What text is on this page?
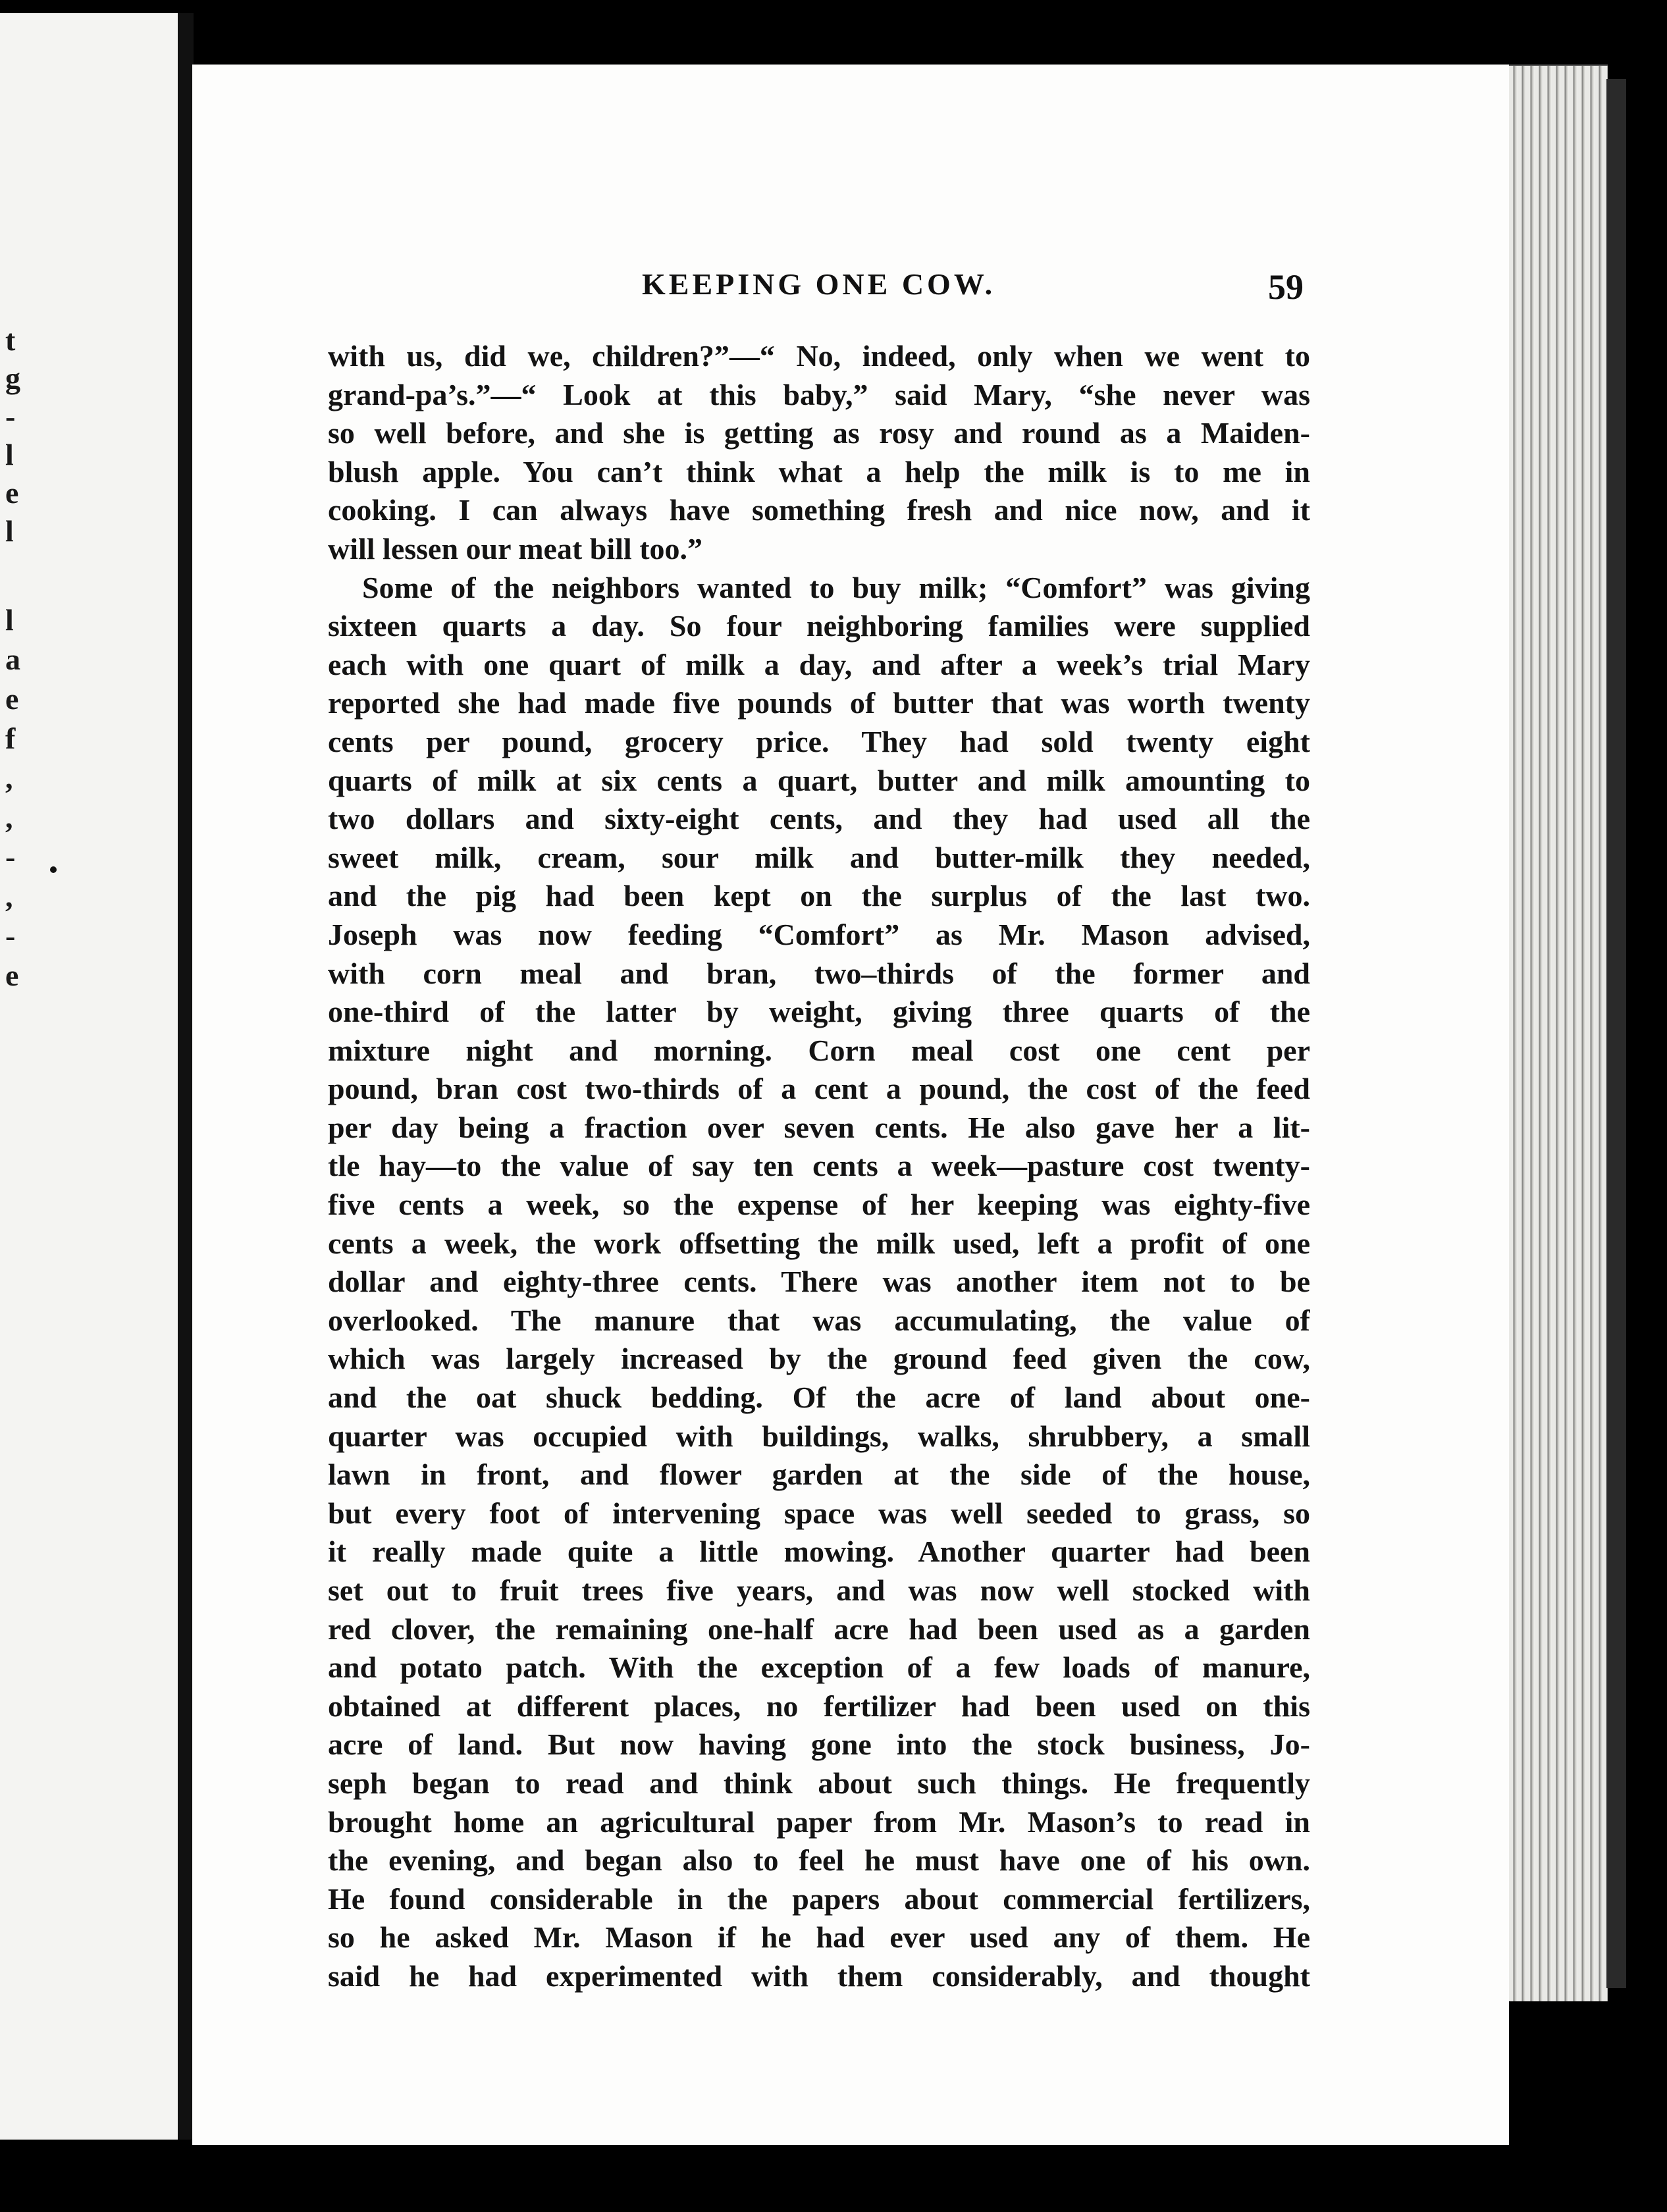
t
g
-
l
e
l
l
a
e
f
,
,
-
,
-
e
KEEPING ONE COW.	59
with us, did we, children?”—“ No, indeed, only when we went to
grand-pa’s.”—“ Look at this baby,” said Mary, “she never was
so well before, and she is getting as rosy and round as a Maiden-
blush apple. You can’t think what a help the milk is to me in
cooking. I can always have something fresh and nice now, and it
will lessen our meat bill too.”
Some of the neighbors wanted to buy milk; “Comfort” was giving
sixteen quarts a day. So four neighboring families were supplied
each with one quart of milk a day, and after a week’s trial Mary
reported she had made five pounds of butter that was worth twenty
cents per pound, grocery price. They had sold twenty eight
quarts of milk at six cents a quart, butter and milk amounting to
two dollars and sixty-eight cents, and they had used all the
sweet milk, cream, sour milk and butter-milk they needed,
and the pig had been kept on the surplus of the last two.
Joseph was now feeding “Comfort” as Mr. Mason advised,
with corn meal and bran, two–thirds of the former and
one-third of the latter by weight, giving three quarts of the
mixture night and morning. Corn meal cost one cent per
pound, bran cost two-thirds of a cent a pound, the cost of the feed
per day being a fraction over seven cents. He also gave her a lit-
tle hay—to the value of say ten cents a week—pasture cost twenty-
five cents a week, so the expense of her keeping was eighty-five
cents a week, the work offsetting the milk used, left a profit of one
dollar and eighty-three cents. There was another item not to be
overlooked. The manure that was accumulating, the value of
which was largely increased by the ground feed given the cow,
and the oat shuck bedding. Of the acre of land about one-
quarter was occupied with buildings, walks, shrubbery, a small
lawn in front, and flower garden at the side of the house,
but every foot of intervening space was well seeded to grass, so
it really made quite a little mowing. Another quarter had been
set out to fruit trees five years, and was now well stocked with
red clover, the remaining one-half acre had been used as a garden
and potato patch. With the exception of a few loads of manure,
obtained at different places, no fertilizer had been used on this
acre of land. But now having gone into the stock business, Jo-
seph began to read and think about such things. He frequently
brought home an agricultural paper from Mr. Mason’s to read in
the evening, and began also to feel he must have one of his own.
He found considerable in the papers about commercial fertilizers,
so he asked Mr. Mason if he had ever used any of them. He
said he had experimented with them considerably, and thought
